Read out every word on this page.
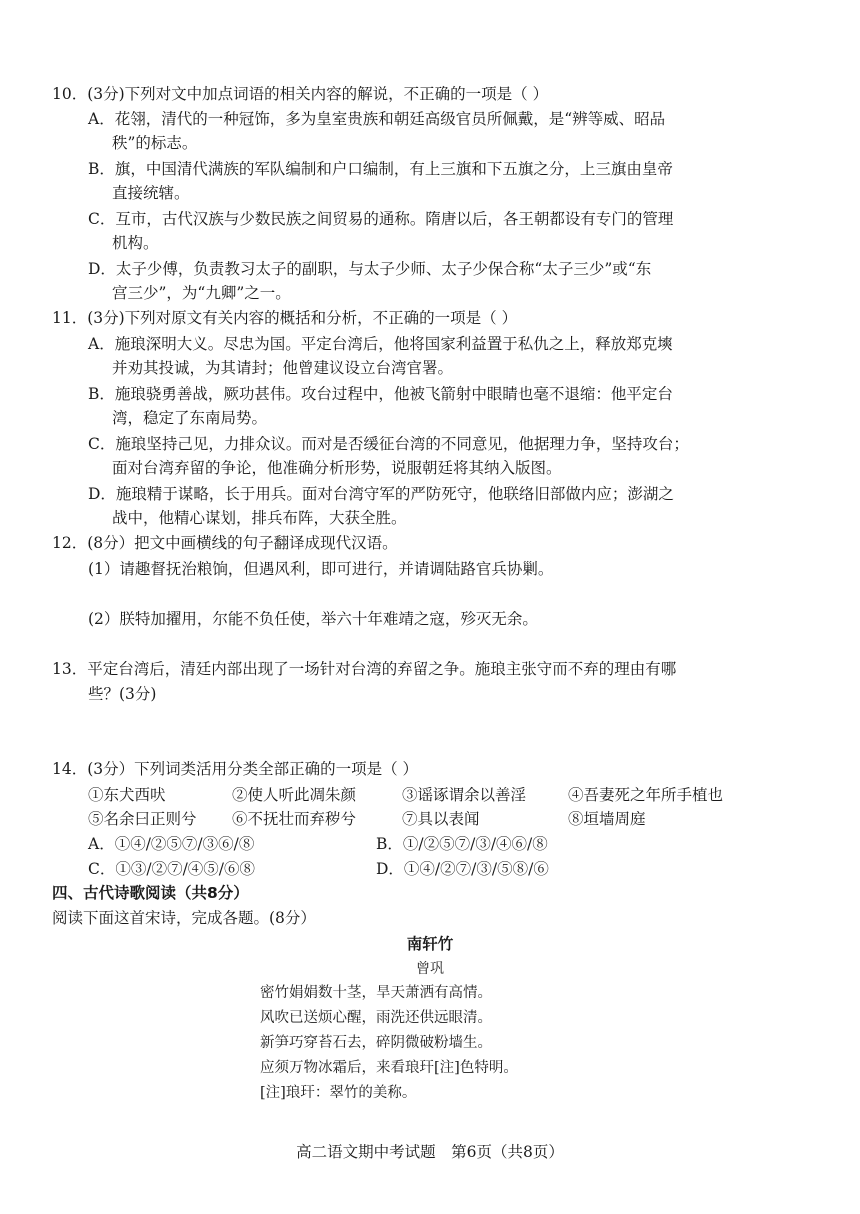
10．(3分)下列对文中加点词语的相关内容的解说，不正确的一项是（ ）
A．花翎，清代的一种冠饰，多为皇室贵族和朝廷高级官员所佩戴，是“辨等威、昭品
秩”的标志。
B．旗，中国清代满族的军队编制和户口编制，有上三旗和下五旗之分，上三旗由皇帝
直接统辖。
C．互市，古代汉族与少数民族之间贸易的通称。隋唐以后，各王朝都设有专门的管理
机构。
D．太子少傅，负责教习太子的副职，与太子少师、太子少保合称“太子三少”或“东
宫三少”，为“九卿”之一。
11．(3分)下列对原文有关内容的概括和分析，不正确的一项是（ ）
A．施琅深明大义。尽忠为国。平定台湾后，他将国家利益置于私仇之上，释放郑克塽
并劝其投诚，为其请封；他曾建议设立台湾官署。
B．施琅骁勇善战，厥功甚伟。攻台过程中，他被飞箭射中眼睛也毫不退缩：他平定台
湾，稳定了东南局势。
C．施琅坚持己见，力排众议。而对是否缓征台湾的不同意见，他据理力争，坚持攻台；
面对台湾弃留的争论，他准确分析形势，说服朝廷将其纳入版图。
D．施琅精于谋略，长于用兵。面对台湾守军的严防死守，他联络旧部做内应；澎湖之
战中，他精心谋划，排兵布阵，大获全胜。
12．(8分）把文中画横线的句子翻译成现代汉语。
(1）请趣督抚治粮饷，但遇风利，即可进行，并请调陆路官兵协剿。
(2）朕特加擢用，尔能不负任使，举六十年难靖之寇，殄灭无余。
13．平定台湾后，清廷内部出现了一场针对台湾的弃留之争。施琅主张守而不弃的理由有哪
些？(3分)
14．(3分）下列词类活用分类全部正确的一项是（ ）
①东犬西吠	②使人听此凋朱颜	③谣诼谓余以善淫	④吾妻死之年所手植也
⑤名余曰正则兮 ⑥不抚壮而弃秽兮	⑦具以表闻	⑧垣墙周庭
A．①④/②⑤⑦/③⑥/⑧	B．①/②⑤⑦/③/④⑥/⑧
C．①③/②⑦/④⑤/⑥⑧	D．①④/②⑦/③/⑤⑧/⑥
四、古代诗歌阅读（共8分）
阅读下面这首宋诗，完成各题。(8分）
南轩竹
曾巩
密竹娟娟数十茎，旱天萧洒有高情。
风吹已送烦心醒，雨洗还供远眼清。
新笋巧穿苔石去，碎阴微破粉墙生。
应须万物冰霜后，来看琅玕[注]色特明。
[注]琅玕：翠竹的美称。
高二语文期中考试题　第6页（共8页）
